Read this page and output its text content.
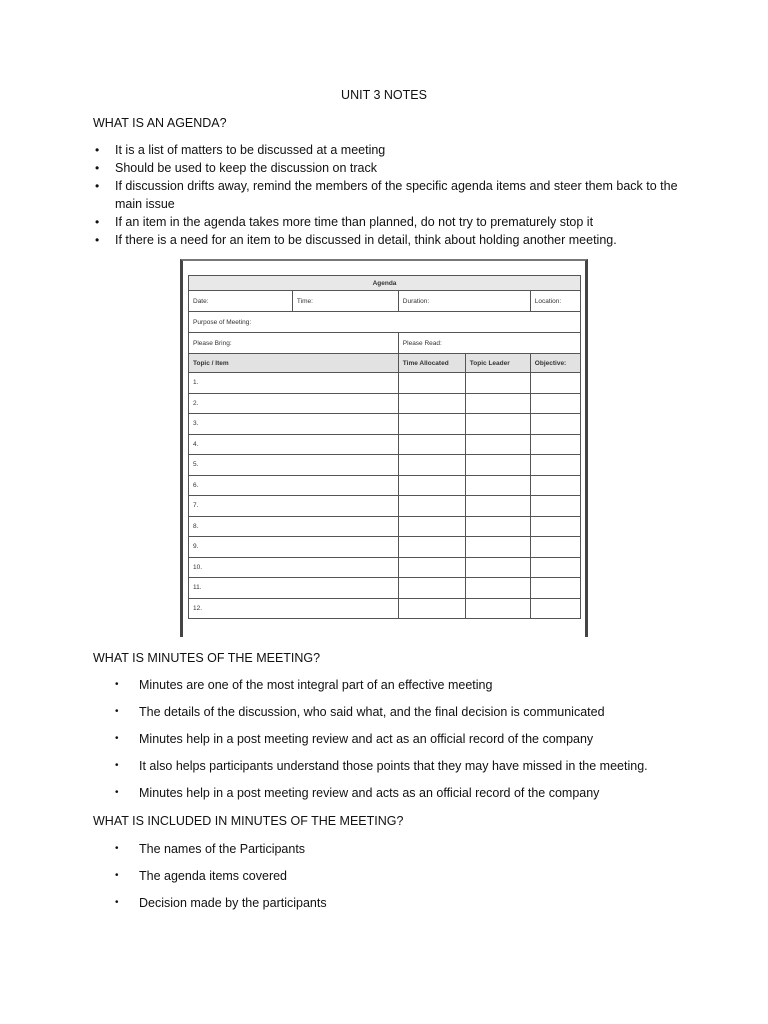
UNIT 3 NOTES
WHAT IS AN AGENDA?
• It is a list of matters to be discussed at a meeting
• Should be used to keep the discussion on track
• If discussion drifts away, remind the members of the specific agenda items and steer them back to the main issue
• If an item in the agenda takes more time than planned, do not try to prematurely stop it
• If there is a need for an item to be discussed in detail, think about holding another meeting.
Agenda				
Date:	Time:	Duration:		Location:
Purpose of Meeting:				
Please Bring:		Please Read:		
Topic / Item		Time Allocated	Topic Leader	Objective:
1.				
2.				
3.				
4.				
5.				
6.				
7.				
8.				
9.				
10.				
11.				
12.				
WHAT IS MINUTES OF THE MEETING?
• Minutes are one of the most integral part of an effective meeting
• The details of the discussion, who said what, and the final decision is communicated
• Minutes help in a post meeting review and act as an official record of the company
• It also helps participants understand those points that they may have missed in the meeting.
• Minutes help in a post meeting review and acts as an official record of the company
WHAT IS INCLUDED IN MINUTES OF THE MEETING?
• The names of the Participants
• The agenda items covered
• Decision made by the participants
